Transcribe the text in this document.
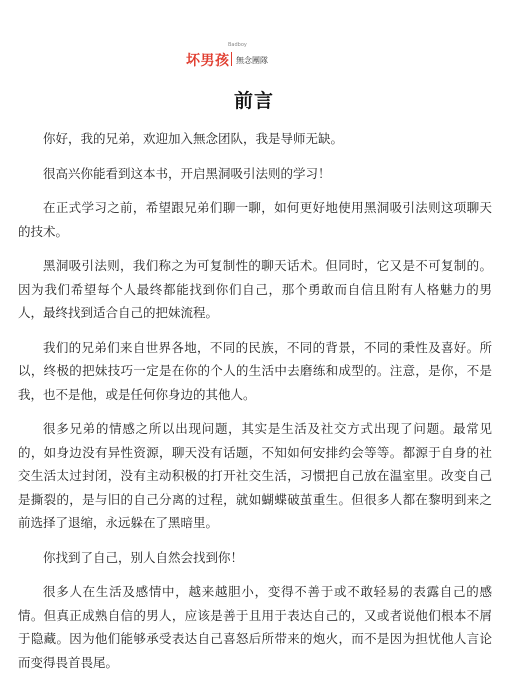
坏男孩
Badboy
無念團隊
前言

你好，我的兄弟，欢迎加入無念团队，我是导师无缺。

很高兴你能看到这本书，开启黑洞吸引法则的学习！

在正式学习之前，希望跟兄弟们聊一聊，如何更好地使用黑洞吸引法则这项聊天的技术。

黑洞吸引法则，我们称之为可复制性的聊天话术。但同时，它又是不可复制的。因为我们希望每个人最终都能找到你们自己，那个勇敢而自信且附有人格魅力的男人，最终找到适合自己的把妹流程。

我们的兄弟们来自世界各地，不同的民族，不同的背景，不同的秉性及喜好。所以，终极的把妹技巧一定是在你的个人的生活中去磨练和成型的。注意，是你，不是我，也不是他，或是任何你身边的其他人。

很多兄弟的情感之所以出现问题，其实是生活及社交方式出现了问题。最常见的，如身边没有异性资源，聊天没有话题，不知如何安排约会等等。都源于自身的社交生活太过封闭，没有主动积极的打开社交生活，习惯把自己放在温室里。改变自己是撕裂的，是与旧的自己分离的过程，就如蝴蝶破茧重生。但很多人都在黎明到来之前选择了退缩，永远躲在了黑暗里。

你找到了自己，别人自然会找到你！

很多人在生活及感情中，越来越胆小，变得不善于或不敢轻易的表露自己的感情。但真正成熟自信的男人，应该是善于且用于表达自己的，又或者说他们根本不屑于隐藏。因为他们能够承受表达自己喜怒后所带来的炮火，而不是因为担忧他人言论而变得畏首畏尾。
